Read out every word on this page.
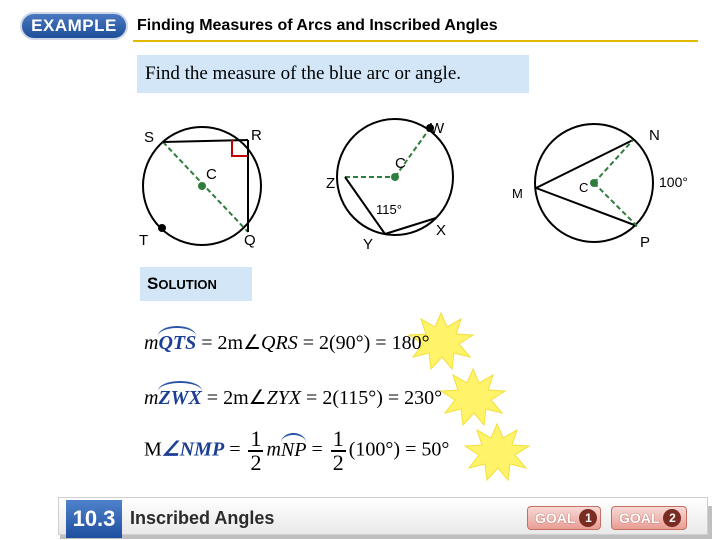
EXAMPLE	Finding Measures of Arcs and Inscribed Angles
Find the measure of the blue arc or angle.
S	R
C
T	Q
W
Z
C
115°
Y
X
N
M	C	100°
P
S OLUTION
m
QTS = 2m∠QRS = 2(90°) = 180°
m
ZWX = 2m∠ZYX = 2(115°) = 230°
M∠NMP = $\frac{1}{2}$ m
NP = $\frac{1}{2} (100^\circ) = 50^\circ$
10.3 Inscribed Angles	GOAL 1	GOAL 2
